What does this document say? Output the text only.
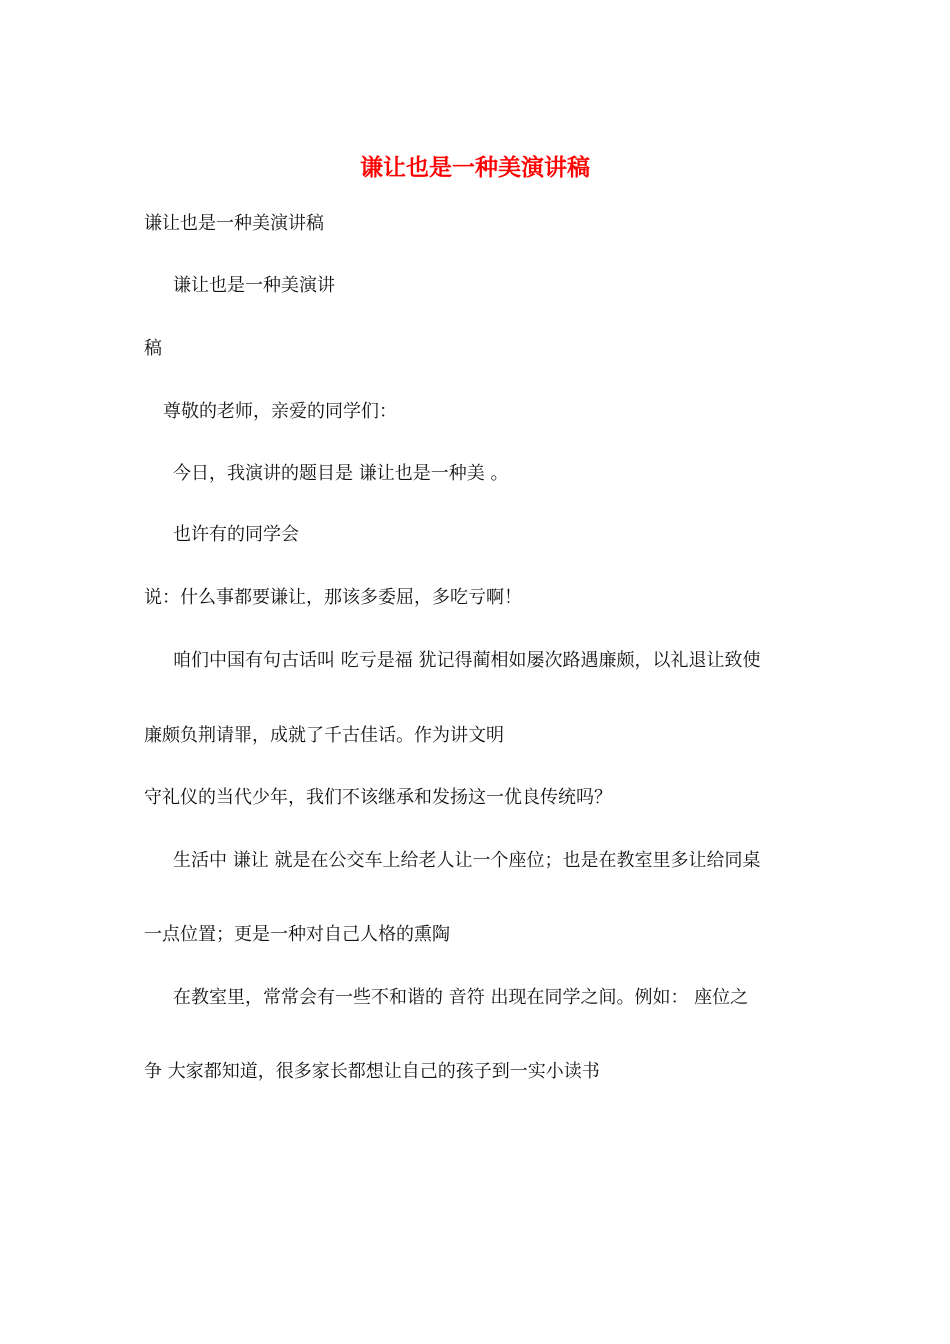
谦让也是一种美演讲稿
谦让也是一种美演讲稿
谦让也是一种美演讲
稿
尊敬的老师，亲爱的同学们：
今日，我演讲的题目是 谦让也是一种美 。
也许有的同学会
说：什么事都要谦让，那该多委屈，多吃亏啊！
咱们中国有句古话叫 吃亏是福 犹记得蔺相如屡次路遇廉颇，以礼退让致使
廉颇负荆请罪，成就了千古佳话。作为讲文明
守礼仪的当代少年，我们不该继承和发扬这一优良传统吗？
生活中 谦让 就是在公交车上给老人让一个座位；也是在教室里多让给同桌
一点位置；更是一种对自己人格的熏陶
在教室里，常常会有一些不和谐的 音符 出现在同学之间。例如： 座位之
争 大家都知道，很多家长都想让自己的孩子到一实小读书
